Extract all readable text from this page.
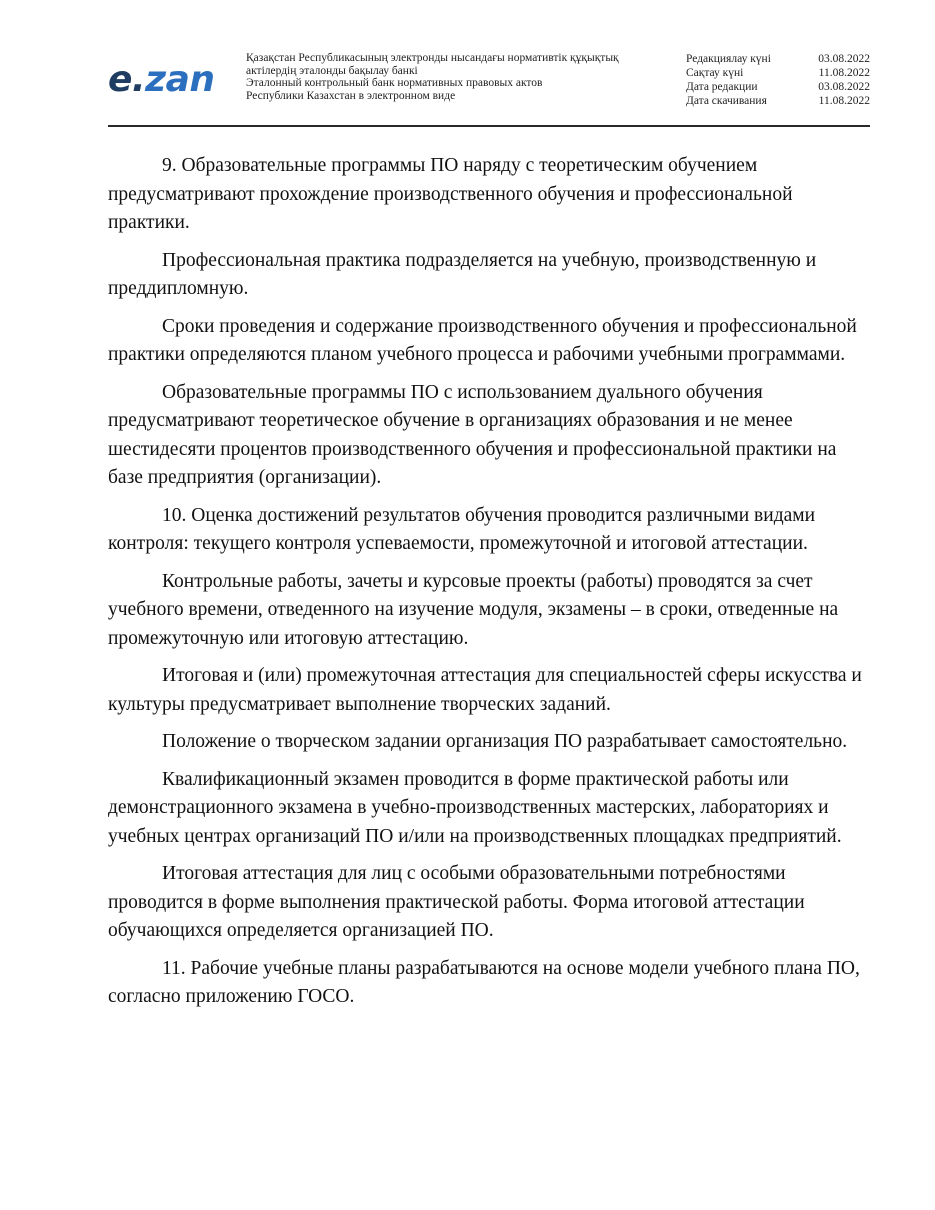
e . zan
Қазақстан Республикасының электронды нысандағы нормативтік құқықтық
актілердің эталонды бақылау банкі
Эталонный контрольный банк нормативных правовых актов
Республики Казахстан в электронном виде
Редакциялау күні	03.08.2022
Сақтау күні	11.08.2022
Дата редакции	03.08.2022
Дата скачивания	11.08.2022

9. Образовательные программы ПО наряду с теоретическим обучением предусматривают прохождение производственного обучения и профессиональной практики.

Профессиональная практика подразделяется на учебную, производственную и преддипломную.

Сроки проведения и содержание производственного обучения и профессиональной практики определяются планом учебного процесса и рабочими учебными программами.

Образовательные программы ПО с использованием дуального обучения предусматривают теоретическое обучение в организациях образования и не менее шестидесяти процентов производственного обучения и профессиональной практики на базе предприятия (организации).

10. Оценка достижений результатов обучения проводится различными видами контроля: текущего контроля успеваемости, промежуточной и итоговой аттестации.

Контрольные работы, зачеты и курсовые проекты (работы) проводятся за счет учебного времени, отведенного на изучение модуля, экзамены – в сроки, отведенные на промежуточную или итоговую аттестацию.

Итоговая и (или) промежуточная аттестация для специальностей сферы искусства и культуры предусматривает выполнение творческих заданий.

Положение о творческом задании организация ПО разрабатывает самостоятельно.

Квалификационный экзамен проводится в форме практической работы или демонстрационного экзамена в учебно-производственных мастерских, лабораториях и учебных центрах организаций ПО и/или на производственных площадках предприятий.

Итоговая аттестация для лиц с особыми образовательными потребностями проводится в форме выполнения практической работы. Форма итоговой аттестации обучающихся определяется организацией ПО.

11. Рабочие учебные планы разрабатываются на основе модели учебного плана ПО, согласно приложению ГОСО.
